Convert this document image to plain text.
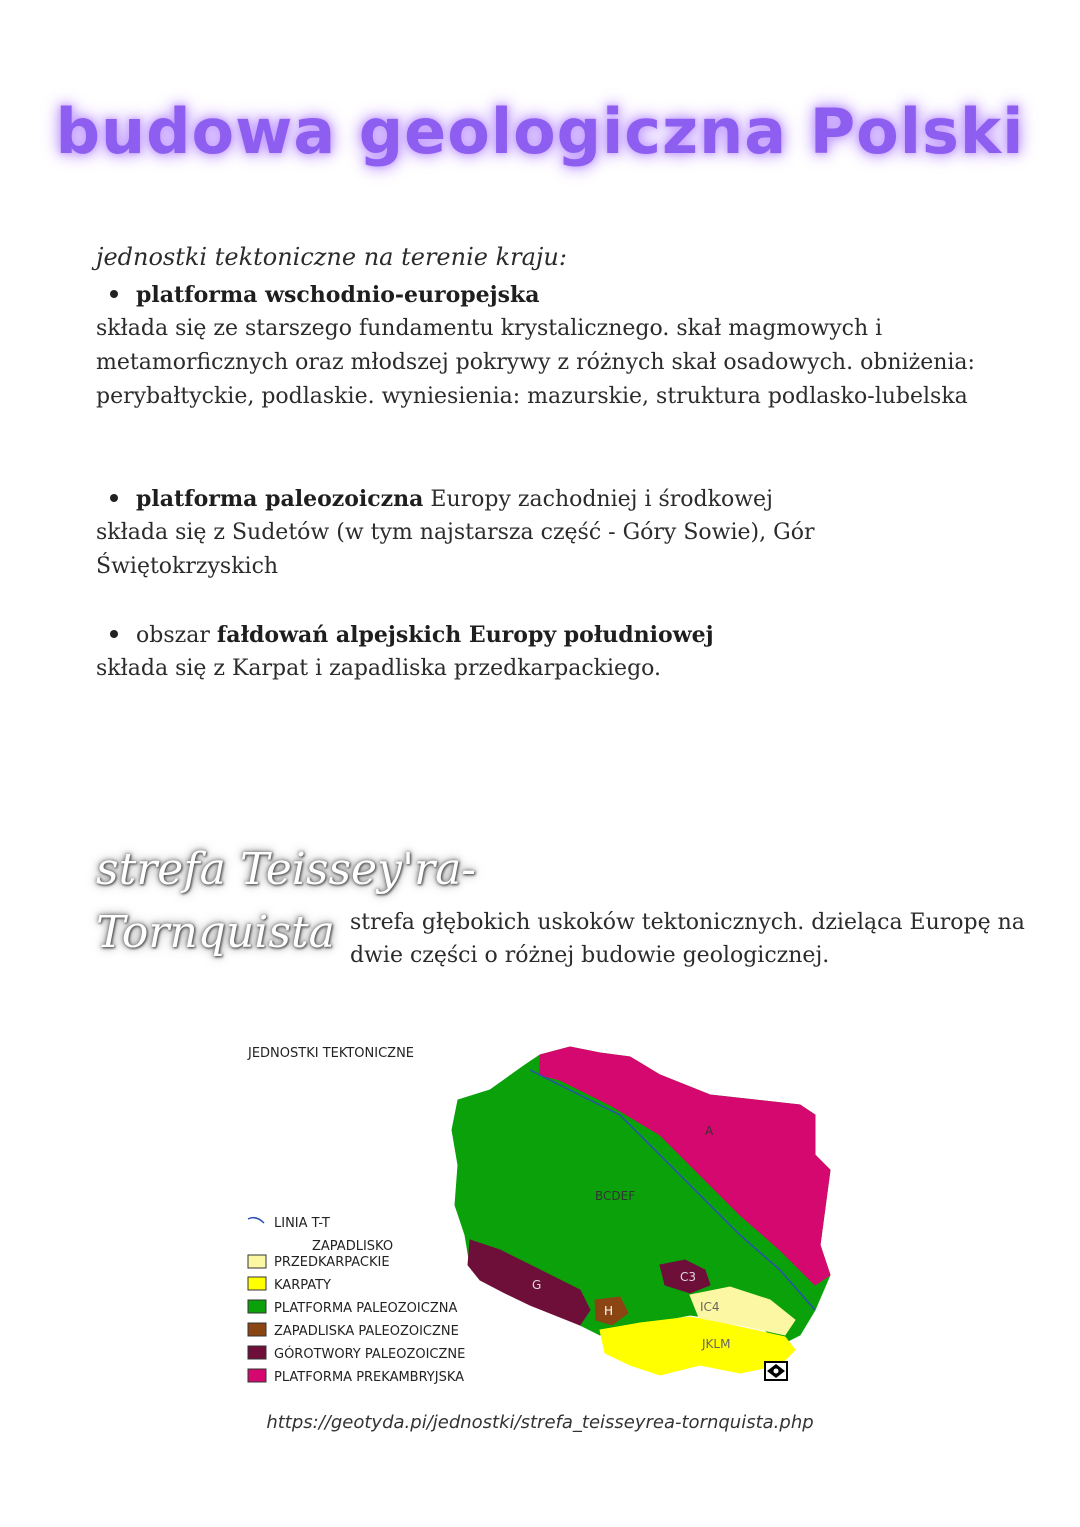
budowa geologiczna Polski
jednostki tektoniczne na terenie kraju:
platforma wschodnio-europejska
składa się ze starszego fundamentu krystalicznego. skał magmowych i metamorficznych oraz młodszej pokrywy z różnych skał osadowych. obniżenia: perybałtyckie, podlaskie. wyniesienia: mazurskie, struktura podlasko-lubelska
platforma paleozoiczna Europy zachodniej i środkowej
składa się z Sudetów (w tym najstarsza część - Góry Sowie), Gór Świętokrzyskich
obszar fałdowań alpejskich Europy południowej
składa się z Karpat i zapadliska przedkarpackiego.
strefa Teissey'ra-
Tornquista strefa głębokich uskoków tektonicznych. dzieląca Europę na dwie części o różnej budowie geologicznej.
JEDNOSTKI TEKTONICZNE
A
BCDEF
C3
G
H	IC4
JKLM
LINIA T-T
ZAPADLISKO
PRZEDKARPACKIE
KARPATY
PLATFORMA PALEOZOICZNA
ZAPADLISKA PALEOZOICZNE
GÓROTWORY PALEOZOICZNE
PLATFORMA PREKAMBRYJSKA
https://geotyda.pi/jednostki/strefa_teisseyrea-tornquista.php
